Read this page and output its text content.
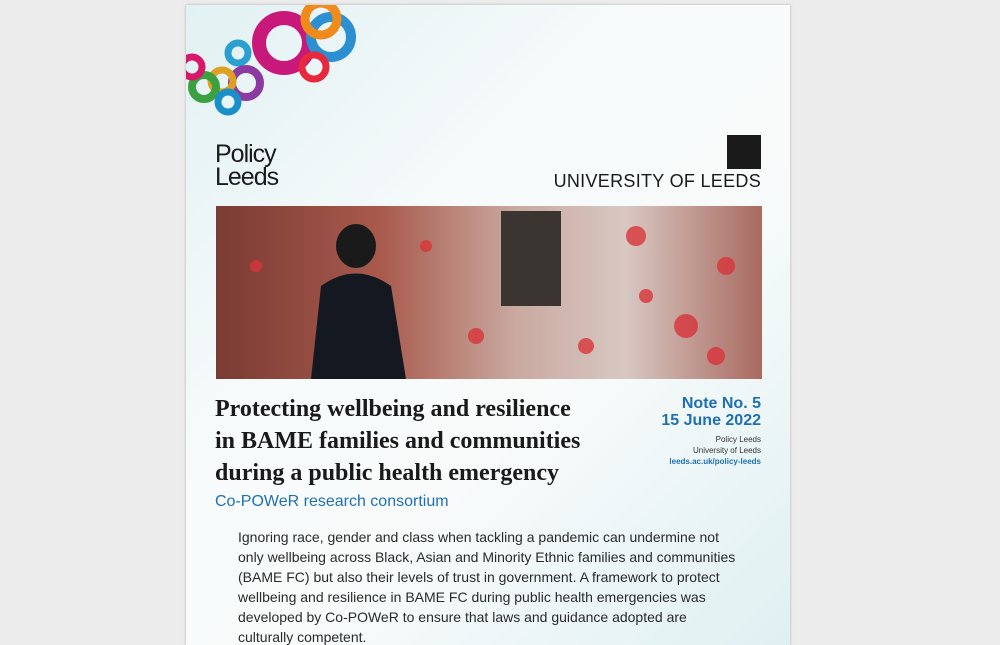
Policy
Leeds	UNIVERSITY OF LEEDS
Protecting wellbeing and resilience
in BAME families and communities
during a public health emergency
Co-POWeR research consortium
Note No. 5
15 June 2022
Policy Leeds
University of Leeds
leeds.ac.uk/policy-leeds
Ignoring race, gender and class when tackling a pandemic can undermine not only wellbeing across Black, Asian and Minority Ethnic families and communities (BAME FC) but also their levels of trust in government. A framework to protect wellbeing and resilience in BAME FC during public health emergencies was developed by Co-POWeR to ensure that laws and guidance adopted are culturally competent.
